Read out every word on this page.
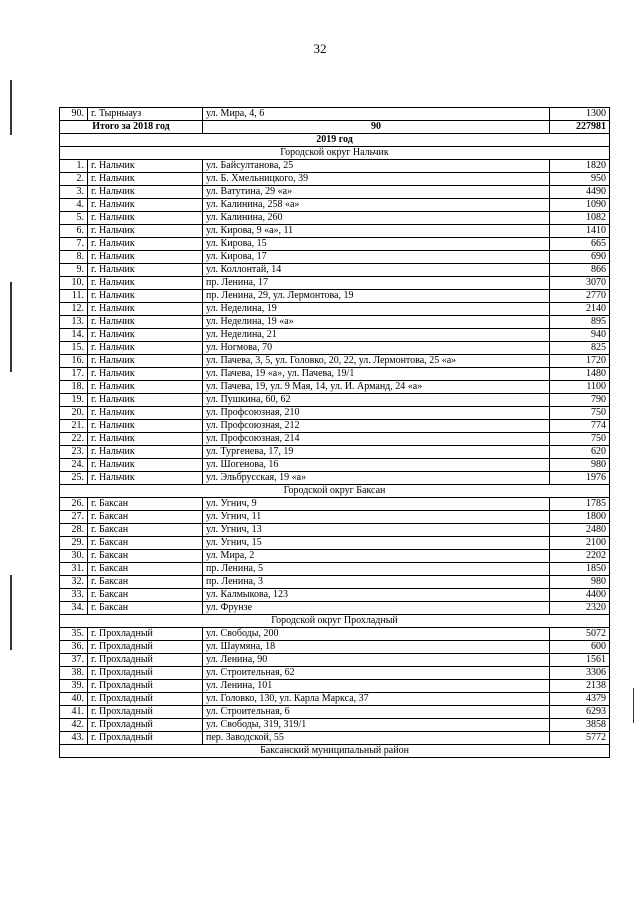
32
90.	г. Тырныауз	ул. Мира, 4, 6	1300
Итого за 2018 год		90	227981
2019 год			
Городской округ Нальчик			
1.	г. Нальчик	ул. Байсултанова, 25	1820
2.	г. Нальчик	ул. Б. Хмельницкого, 39	950
3.	г. Нальчик	ул. Ватутина, 29 «а»	4490
4.	г. Нальчик	ул. Калинина, 258 «а»	1090
5.	г. Нальчик	ул. Калинина, 260	1082
6.	г. Нальчик	ул. Кирова, 9 «а», 11	1410
7.	г. Нальчик	ул. Кирова, 15	665
8.	г. Нальчик	ул. Кирова, 17	690
9.	г. Нальчик	ул. Коллонтай, 14	866
10.	г. Нальчик	пр. Ленина, 17	3070
11.	г. Нальчик	пр. Ленина, 29, ул. Лермонтова, 19	2770
12.	г. Нальчик	ул. Неделина, 19	2140
13.	г. Нальчик	ул. Неделина, 19 «а»	895
14.	г. Нальчик	ул. Неделина, 21	940
15.	г. Нальчик	ул. Ногмова, 70	825
16.	г. Нальчик	ул. Пачева, 3, 5, ул. Головко, 20, 22, ул. Лермонтова, 25 «а»	1720
17.	г. Нальчик	ул. Пачева, 19 «а», ул. Пачева, 19/1	1480
18.	г. Нальчик	ул. Пачева, 19, ул. 9 Мая, 14, ул. И. Арманд, 24 «а»	1100
19.	г. Нальчик	ул. Пушкина, 60, 62	790
20.	г. Нальчик	ул. Профсоюзная, 210	750
21.	г. Нальчик	ул. Профсоюзная, 212	774
22.	г. Нальчик	ул. Профсоюзная, 214	750
23.	г. Нальчик	ул. Тургенева, 17, 19	620
24.	г. Нальчик	ул. Шогенова, 16	980
25.	г. Нальчик	ул. Эльбрусская, 19 «а»	1976
Городской округ Баксан			
26.	г. Баксан	ул. Угнич, 9	1785
27.	г. Баксан	ул. Угнич, 11	1800
28.	г. Баксан	ул. Угнич, 13	2480
29.	г. Баксан	ул. Угнич, 15	2100
30.	г. Баксан	ул. Мира, 2	2202
31.	г. Баксан	пр. Ленина, 5	1850
32.	г. Баксан	пр. Ленина, 3	980
33.	г. Баксан	ул. Калмыкова, 123	4400
34.	г. Баксан	ул. Фрунзе	2320
Городской округ Прохладный			
35.	г. Прохладный	ул. Свободы, 200	5072
36.	г. Прохладный	ул. Шаумяна, 18	600
37.	г. Прохладный	ул. Ленина, 90	1561
38.	г. Прохладный	ул. Строительная, 62	3306
39.	г. Прохладный	ул. Ленина, 101	2138
40.	г. Прохладный	ул. Головко, 130, ул. Карла Маркса, 37	4379
41.	г. Прохладный	ул. Строительная, 6	6293
42.	г. Прохладный	ул. Свободы, 319, 319/1	3858
43.	г. Прохладный	пер. Заводской, 55	5772
Баксанский муниципальный район			
